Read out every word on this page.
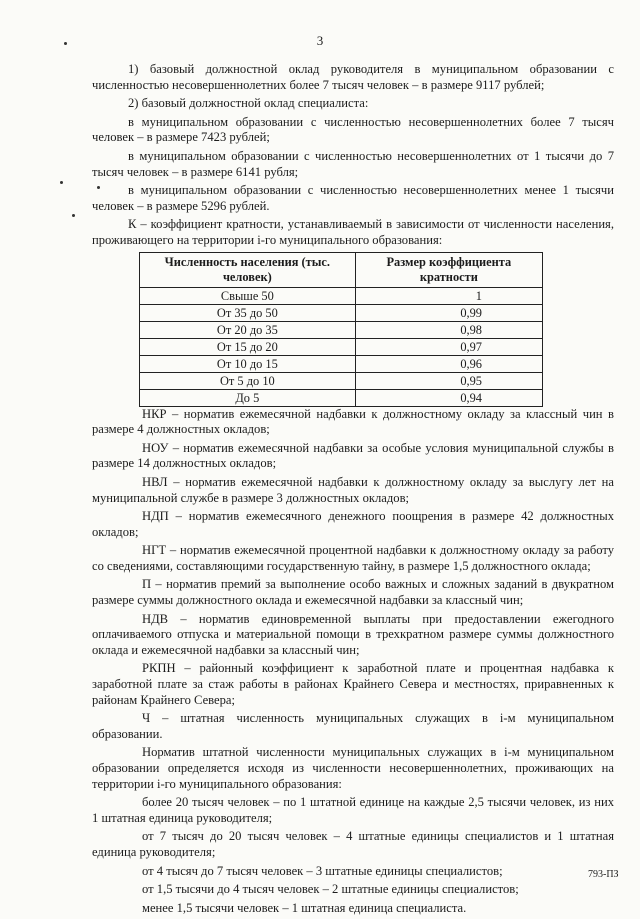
3

1) базовый должностной оклад руководителя в муниципальном образовании с численностью несовершеннолетних более 7 тысяч человек – в размере 9117 рублей;

2) базовый должностной оклад специалиста:

в муниципальном образовании с численностью несовершеннолетних более 7 тысяч человек – в размере 7423 рублей;

в муниципальном образовании с численностью несовершеннолетних от 1 тысячи до 7 тысяч человек – в размере 6141 рубля;

в муниципальном образовании с численностью несовершеннолетних менее 1 тысячи человек – в размере 5296 рублей.

К – коэффициент кратности, устанавливаемый в зависимости от численности населения, проживающего на территории i-го муниципального образования:

Численность населения (тыс. человек)	Размер коэффициента кратности
Свыше 50	1
От 35 до 50	0,99
От 20 до 35	0,98
От 15 до 20	0,97
От 10 до 15	0,96
От 5 до 10	0,95
До 5	0,94

НКР – норматив ежемесячной надбавки к должностному окладу за классный чин в размере 4 должностных окладов;

НОУ – норматив ежемесячной надбавки за особые условия муниципальной службы в размере 14 должностных окладов;

НВЛ – норматив ежемесячной надбавки к должностному окладу за выслугу лет на муниципальной службе в размере 3 должностных окладов;

НДП – норматив ежемесячного денежного поощрения в размере 42 должностных окладов;

НГТ – норматив ежемесячной процентной надбавки к должностному окладу за работу со сведениями, составляющими государственную тайну, в размере 1,5 должностного оклада;

П – норматив премий за выполнение особо важных и сложных заданий в двукратном размере суммы должностного оклада и ежемесячной надбавки за классный чин;

НДВ – норматив единовременной выплаты при предоставлении ежегодного оплачиваемого отпуска и материальной помощи в трехкратном размере суммы должностного оклада и ежемесячной надбавки за классный чин;

РКПН – районный коэффициент к заработной плате и процентная надбавка к заработной плате за стаж работы в районах Крайнего Севера и местностях, приравненных к районам Крайнего Севера;

Ч – штатная численность муниципальных служащих в i-м муниципальном образовании.

Норматив штатной численности муниципальных служащих в i-м муниципальном образовании определяется исходя из численности несовершеннолетних, проживающих на территории i-го муниципального образования:

более 20 тысяч человек – по 1 штатной единице на каждые 2,5 тысячи человек, из них 1 штатная единица руководителя;

от 7 тысяч до 20 тысяч человек – 4 штатные единицы специалистов и 1 штатная единица руководителя;

от 4 тысяч до 7 тысяч человек – 3 штатные единицы специалистов;

от 1,5 тысячи до 4 тысяч человек – 2 штатные единицы специалистов;

менее 1,5 тысячи человек – 1 штатная единица специалиста.

793-ПЗ
